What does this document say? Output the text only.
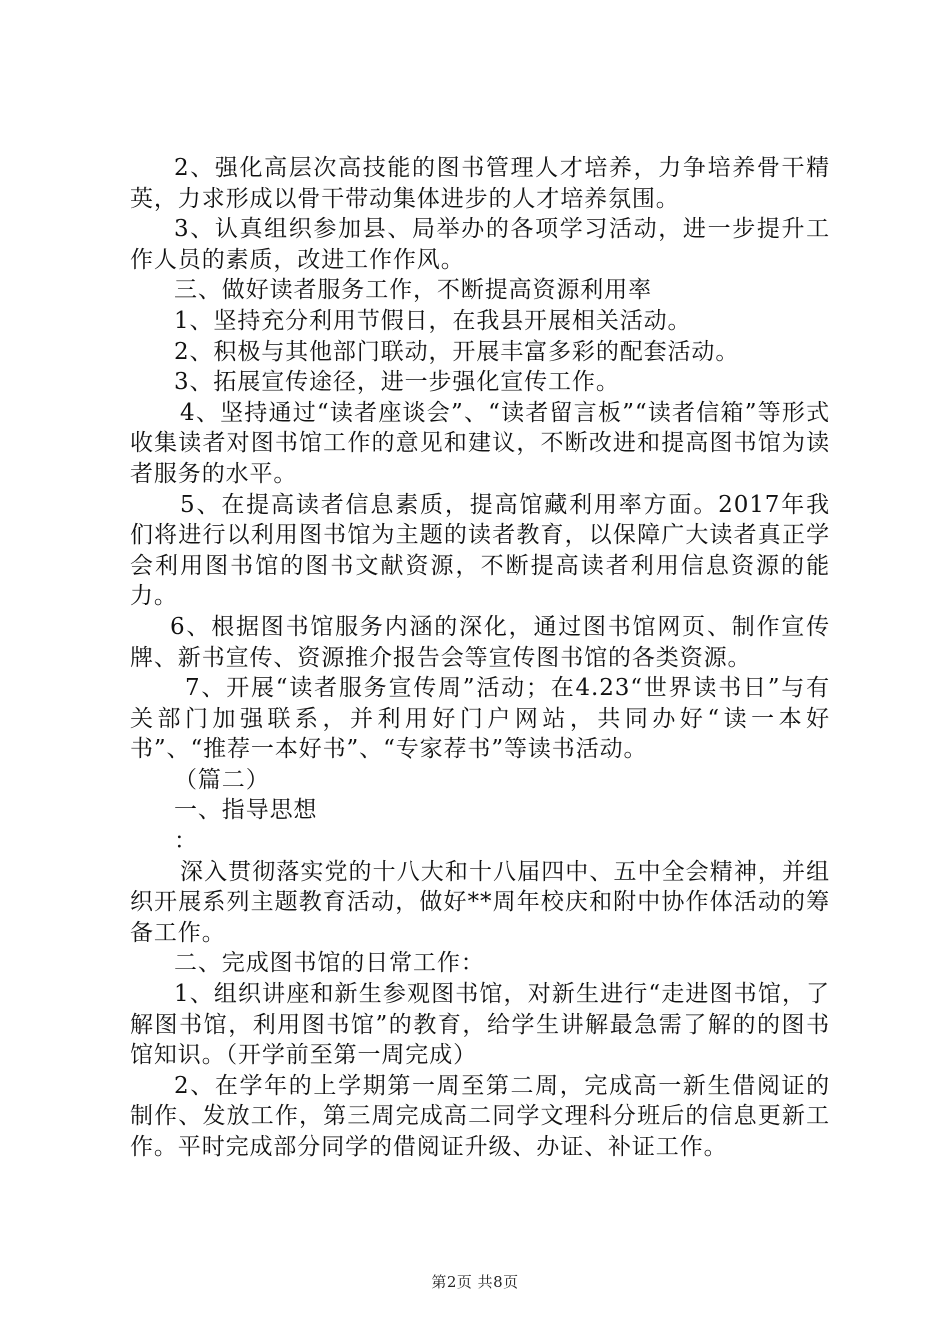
2、强化高层次高技能的图书管理人才培养，力争培养骨干精英，力求形成以骨干带动集体进步的人才培养氛围。

3、认真组织参加县、局举办的各项学习活动，进一步提升工作人员的素质，改进工作作风。

三、做好读者服务工作，不断提高资源利用率

1、坚持充分利用节假日，在我县开展相关活动。

2、积极与其他部门联动，开展丰富多彩的配套活动。

3、拓展宣传途径，进一步强化宣传工作。

4、坚持通过“读者座谈会”、“读者留言板”“读者信箱”等形式收集读者对图书馆工作的意见和建议，不断改进和提高图书馆为读者服务的水平。

5、在提高读者信息素质，提高馆藏利用率方面。2017年我们将进行以利用图书馆为主题的读者教育，以保障广大读者真正学会利用图书馆的图书文献资源，不断提高读者利用信息资源的能力。

6、根据图书馆服务内涵的深化，通过图书馆网页、制作宣传牌、新书宣传、资源推介报告会等宣传图书馆的各类资源。

7、开展“读者服务宣传周”活动；在4.23“世界读书日”与有关部门加强联系，并利用好门户网站，共同办好“读一本好书”、“推荐一本好书”、“专家荐书”等读书活动。

（篇二）

一、指导思想

：

深入贯彻落实党的十八大和十八届四中、五中全会精神，并组织开展系列主题教育活动，做好**周年校庆和附中协作体活动的筹备工作。

二、完成图书馆的日常工作：

1、组织讲座和新生参观图书馆，对新生进行“走进图书馆，了解图书馆，利用图书馆”的教育，给学生讲解最急需了解的的图书馆知识。（开学前至第一周完成）

2、在学年的上学期第一周至第二周，完成高一新生借阅证的制作、发放工作，第三周完成高二同学文理科分班后的信息更新工作。平时完成部分同学的借阅证升级、办证、补证工作。

第2页 共8页
